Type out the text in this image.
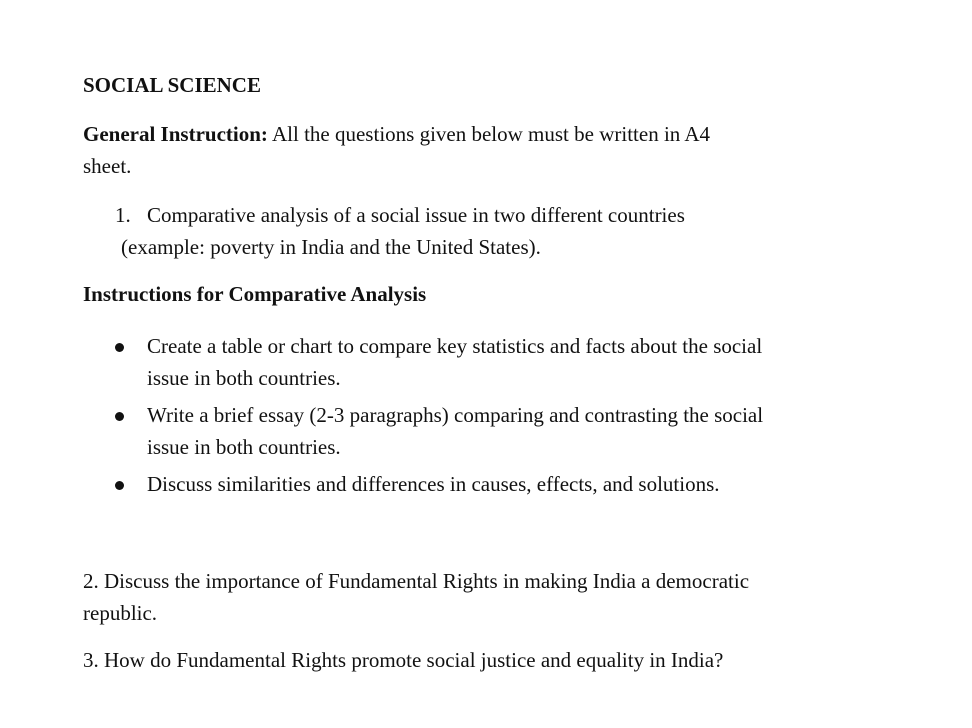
SOCIAL SCIENCE
General Instruction: All the questions given below must be written in A4
sheet.
1. Comparative analysis of a social issue in two different countries
(example: poverty in India and the United States).
Instructions for Comparative Analysis
Create a table or chart to compare key statistics and facts about the social
issue in both countries.
Write a brief essay (2-3 paragraphs) comparing and contrasting the social
issue in both countries.
Discuss similarities and differences in causes, effects, and solutions.
2. Discuss the importance of Fundamental Rights in making India a democratic
republic.
3. How do Fundamental Rights promote social justice and equality in India?
